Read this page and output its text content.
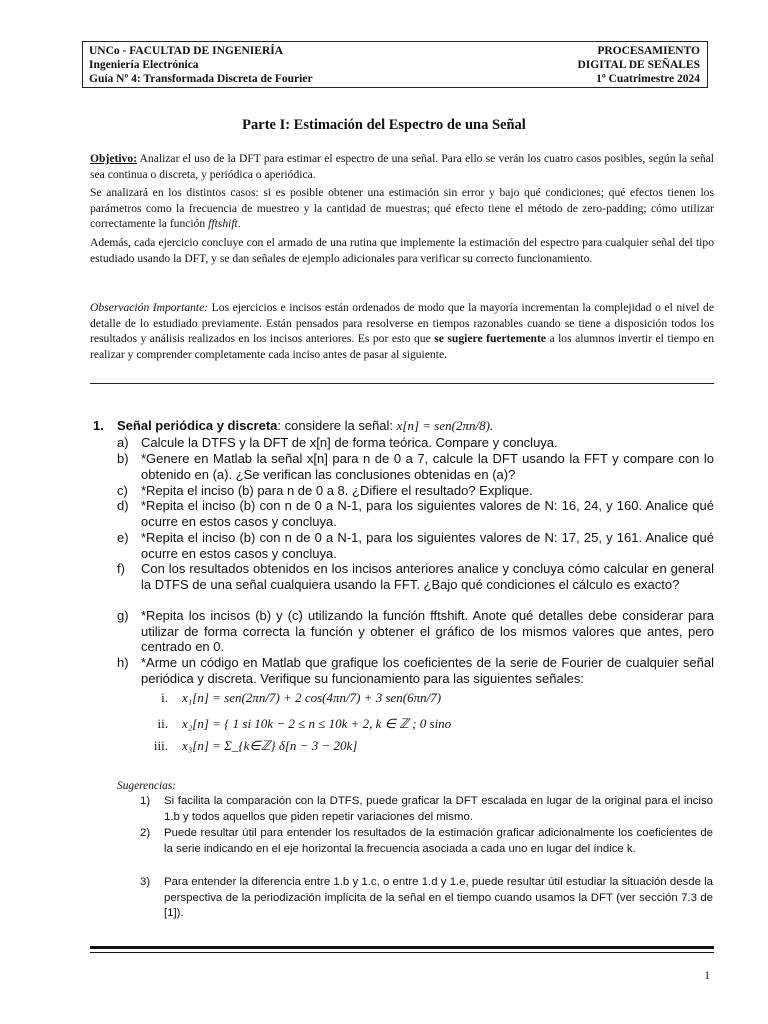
UNCo - FACULTAD DE INGENIERÍA
Ingeniería Electrónica
Guía Nº 4: Transformada Discreta de Fourier
PROCESAMIENTO
DIGITAL DE SEÑALES
1º Cuatrimestre 2024
Parte I: Estimación del Espectro de una Señal
Objetivo: Analizar el uso de la DFT para estimar el espectro de una señal. Para ello se verán los cuatro casos posibles, según la señal sea continua o discreta, y periódica o aperiódica.
Se analizará en los distintos casos: si es posible obtener una estimación sin error y bajo qué condiciones; qué efectos tienen los parámetros como la frecuencia de muestreo y la cantidad de muestras; qué efecto tiene el método de zero-padding; cómo utilizar correctamente la función fftshift.
Además, cada ejercicio concluye con el armado de una rutina que implemente la estimación del espectro para cualquier señal del tipo estudiado usando la DFT, y se dan señales de ejemplo adicionales para verificar su correcto funcionamiento.
Observación Importante: Los ejercicios e incisos están ordenados de modo que la mayoría incrementan la complejidad o el nivel de detalle de lo estudiado previamente. Están pensados para resolverse en tiempos razonables cuando se tiene a disposición todos los resultados y análisis realizados en los incisos anteriores. Es por esto que se sugiere fuertemente a los alumnos invertir el tiempo en realizar y comprender completamente cada inciso antes de pasar al siguiente.
1. Señal periódica y discreta: considere la señal: x[n] = sen(2πn/8).
a) Calcule la DTFS y la DFT de x[n] de forma teórica. Compare y concluya.
b) *Genere en Matlab la señal x[n] para n de 0 a 7, calcule la DFT usando la FFT y compare con lo obtenido en (a). ¿Se verifican las conclusiones obtenidas en (a)?
c) *Repita el inciso (b) para n de 0 a 8. ¿Difiere el resultado? Explique.
d) *Repita el inciso (b) con n de 0 a N-1, para los siguientes valores de N: 16, 24, y 160. Analice qué ocurre en estos casos y concluya.
e) *Repita el inciso (b) con n de 0 a N-1, para los siguientes valores de N: 17, 25, y 161. Analice qué ocurre en estos casos y concluya.
f) Con los resultados obtenidos en los incisos anteriores analice y concluya cómo calcular en general la DTFS de una señal cualquiera usando la FFT. ¿Bajo qué condiciones el cálculo es exacto?
g) *Repita los incisos (b) y (c) utilizando la función fftshift. Anote qué detalles debe considerar para utilizar de forma correcta la función y obtener el gráfico de los mismos valores que antes, pero centrado en 0.
h) *Arme un código en Matlab que grafique los coeficientes de la serie de Fourier de cualquier señal periódica y discreta. Verifique su funcionamiento para las siguientes señales:
i. x₁[n] = sen(2πn/7) + 2 cos(4πn/7) + 3 sen(6πn/7)
ii. x₂[n] = { 1 si 10k − 2 ≤ n ≤ 10k + 2, k ∈ ℤ ; 0 sino
iii. x₃[n] = Σ_{k∈ℤ} δ[n − 3 − 20k]
Sugerencias:
1) Si facilita la comparación con la DTFS, puede graficar la DFT escalada en lugar de la original para el inciso 1.b y todos aquellos que piden repetir variaciones del mismo.
2) Puede resultar útil para entender los resultados de la estimación graficar adicionalmente los coeficientes de la serie indicando en el eje horizontal la frecuencia asociada a cada uno en lugar del índice k.
3) Para entender la diferencia entre 1.b y 1.c, o entre 1.d y 1.e, puede resultar útil estudiar la situación desde la perspectiva de la periodización implícita de la señal en el tiempo cuando usamos la DFT (ver sección 7.3 de [1]).
1
